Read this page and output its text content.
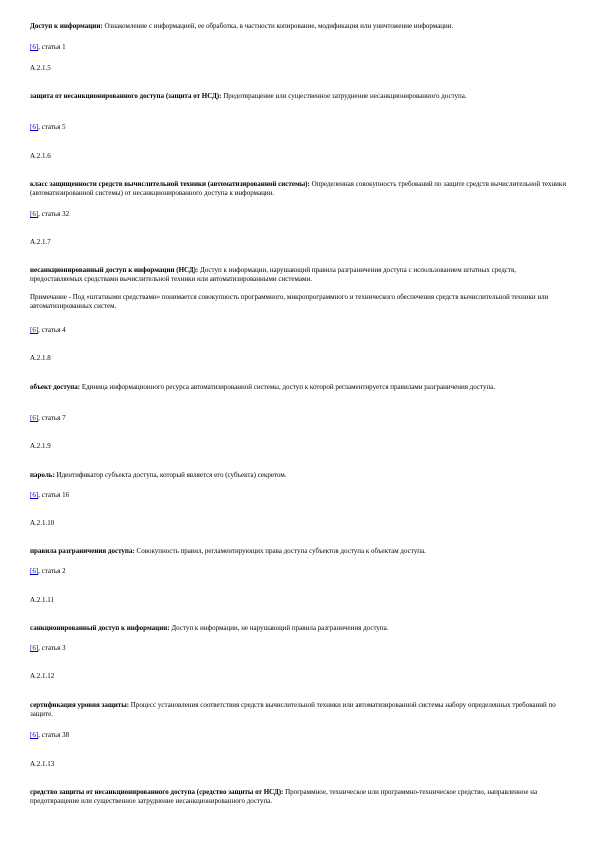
Доступ к информации: Ознакомление с информацией, ее обработка, в частности копирование, модификация или уничтожение информации.

[6], статья 1

А.2.1.5

защита от несанкционированного доступа (защита от НСД): Предотвращение или существенное затруднение несанкционированного доступа.

[6], статья 5

А.2.1.6

класс защищенности средств вычислительной техники (автоматизированной системы): Определенная совокупность требований по защите средств вычислительной техники (автоматизированной системы) от несанкционированного доступа к информации.

[6], статья 32

А.2.1.7

несанкционированный доступ к информации (НСД): Доступ к информации, нарушающий правила разграничения доступа с использованием штатных средств, предоставляемых средствами вычислительной техники или автоматизированными системами.

Примечание - Под «штатными средствами» понимается совокупность программного, микропрограммного и технического обеспечения средств вычислительной техники или автоматизированных систем.

[6], статья 4

А.2.1.8

объект доступа: Единица информационного ресурса автоматизированной системы, доступ к которой регламентируется правилами разграничения доступа.

[6], статья 7

А.2.1.9

пароль: Идентификатор субъекта доступа, который является его (субъекта) секретом.

[6], статья 16

А.2.1.10

правила разграничения доступа: Совокупность правил, регламентирующих права доступа субъектов доступа к объектам доступа.

[6], статья 2

А.2.1.11

санкционированный доступ к информации: Доступ к информации, не нарушающий правила разграничения доступа.

[6], статья 3

А.2.1.12

сертификация уровня защиты: Процесс установления соответствия средств вычислительной техники или автоматизированной системы набору определенных требований по защите.

[6], статья 38

А.2.1.13

средство защиты от несанкционированного доступа (средство защиты от НСД): Программное, техническое или программно-техническое средство, направленное на предотвращение или существенное затруднение несанкционированного доступа.
